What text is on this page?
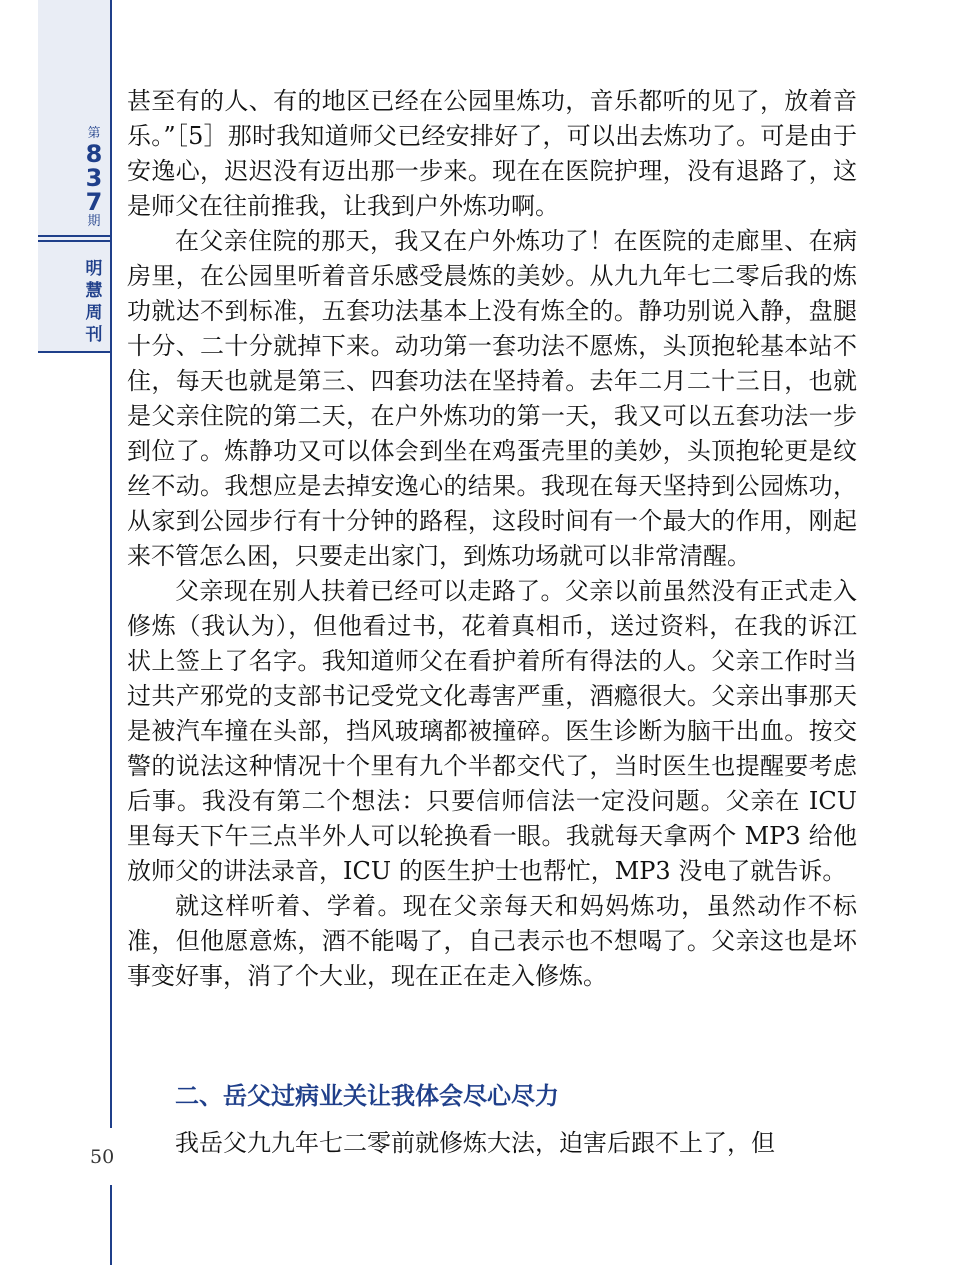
第
8
3
7
期
明
慧
周
刊

甚至有的人、有的地区已经在公园里炼功，音乐都听的见了，放着音乐。”［5］那时我知道师父已经安排好了，可以出去炼功了。可是由于安逸心，迟迟没有迈出那一步来。现在在医院护理，没有退路了，这是师父在往前推我，让我到户外炼功啊。

在父亲住院的那天，我又在户外炼功了！在医院的走廊里、在病房里，在公园里听着音乐感受晨炼的美妙。从九九年七二零后我的炼功就达不到标准，五套功法基本上没有炼全的。静功别说入静，盘腿十分、二十分就掉下来。动功第一套功法不愿炼，头顶抱轮基本站不住，每天也就是第三、四套功法在坚持着。去年二月二十三日，也就是父亲住院的第二天，在户外炼功的第一天，我又可以五套功法一步到位了。炼静功又可以体会到坐在鸡蛋壳里的美妙，头顶抱轮更是纹丝不动。我想应是去掉安逸心的结果。我现在每天坚持到公园炼功，从家到公园步行有十分钟的路程，这段时间有一个最大的作用，刚起来不管怎么困，只要走出家门，到炼功场就可以非常清醒。

父亲现在别人扶着已经可以走路了。父亲以前虽然没有正式走入修炼（我认为），但他看过书，花着真相币，送过资料，在我的诉江状上签上了名字。我知道师父在看护着所有得法的人。父亲工作时当过共产邪党的支部书记受党文化毒害严重，酒瘾很大。父亲出事那天是被汽车撞在头部，挡风玻璃都被撞碎。医生诊断为脑干出血。按交警的说法这种情况十个里有九个半都交代了，当时医生也提醒要考虑后事。我没有第二个想法：只要信师信法一定没问题。父亲在 ICU 里每天下午三点半外人可以轮换看一眼。我就每天拿两个 MP3 给他放师父的讲法录音，ICU 的医生护士也帮忙，MP3 没电了就告诉。

就这样听着、学着。现在父亲每天和妈妈炼功，虽然动作不标准，但他愿意炼，酒不能喝了，自己表示也不想喝了。父亲这也是坏事变好事，消了个大业，现在正在走入修炼。

二、岳父过病业关让我体会尽心尽力

我岳父九九年七二零前就修炼大法，迫害后跟不上了，但

50
